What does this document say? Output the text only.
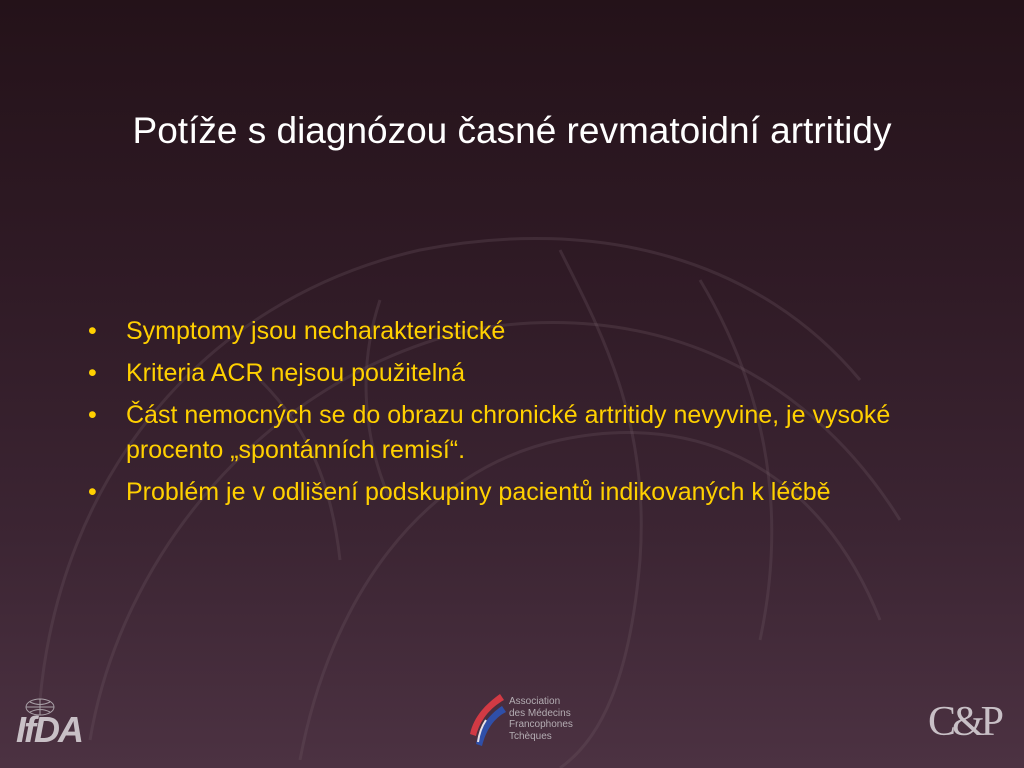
Potíže s diagnózou časné revmatoidní artritidy
• Symptomy jsou necharakteristické
• Kriteria ACR nejsou použitelná
• Část nemocných se do obrazu chronické artritidy nevyvine, je vysoké procento „spontánních remisí“.
• Problém je v odlišení podskupiny pacientů indikovaných k léčbě
IfDA
Association
des Médecins
Francophones
Tchèques	C&P
